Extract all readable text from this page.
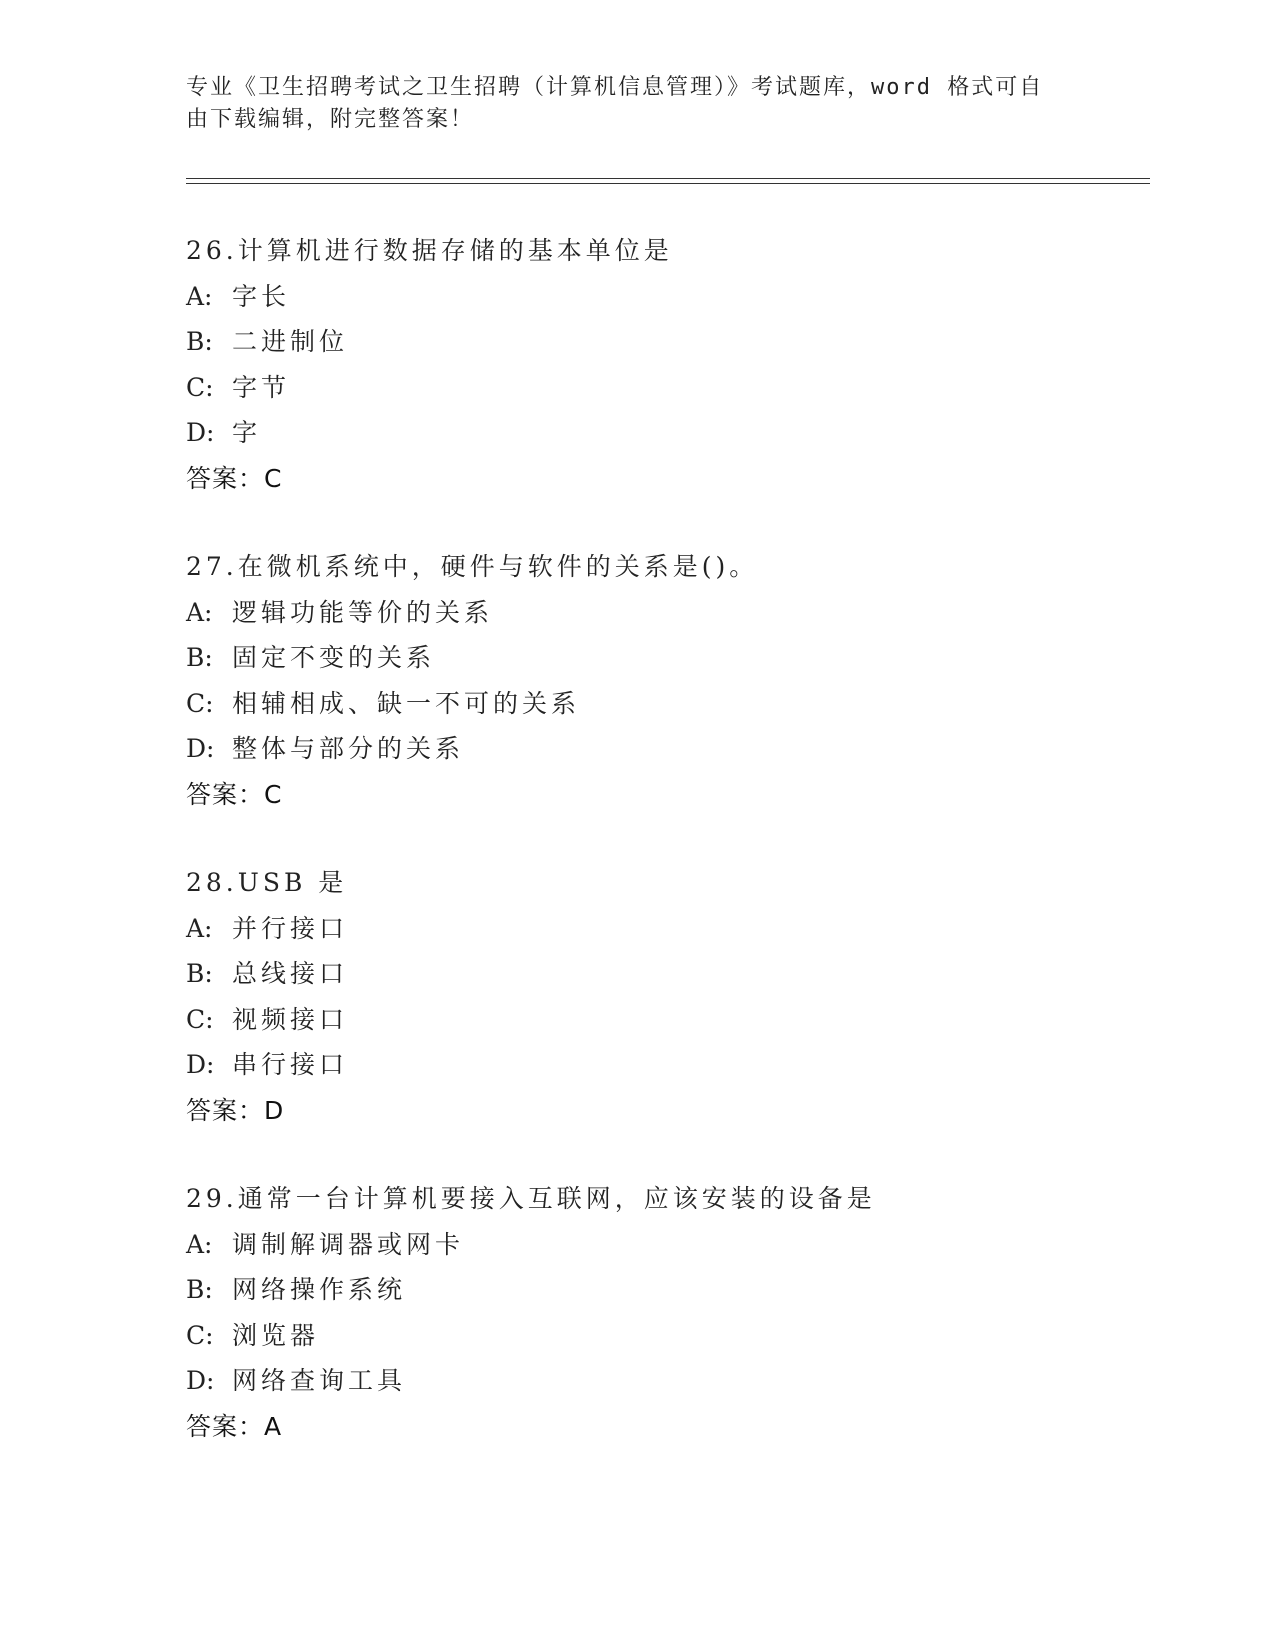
专业《卫生招聘考试之卫生招聘（计算机信息管理）》考试题库，word 格式可自
由下载编辑，附完整答案！
26.计算机进行数据存储的基本单位是
A: 字长
B: 二进制位
C: 字节
D: 字
答案：C
27.在微机系统中，硬件与软件的关系是()。
A: 逻辑功能等价的关系
B: 固定不变的关系
C: 相辅相成、缺一不可的关系
D: 整体与部分的关系
答案：C
28.USB 是
A: 并行接口
B: 总线接口
C: 视频接口
D: 串行接口
答案：D
29.通常一台计算机要接入互联网，应该安装的设备是
A: 调制解调器或网卡
B: 网络操作系统
C: 浏览器
D: 网络查询工具
答案：A
